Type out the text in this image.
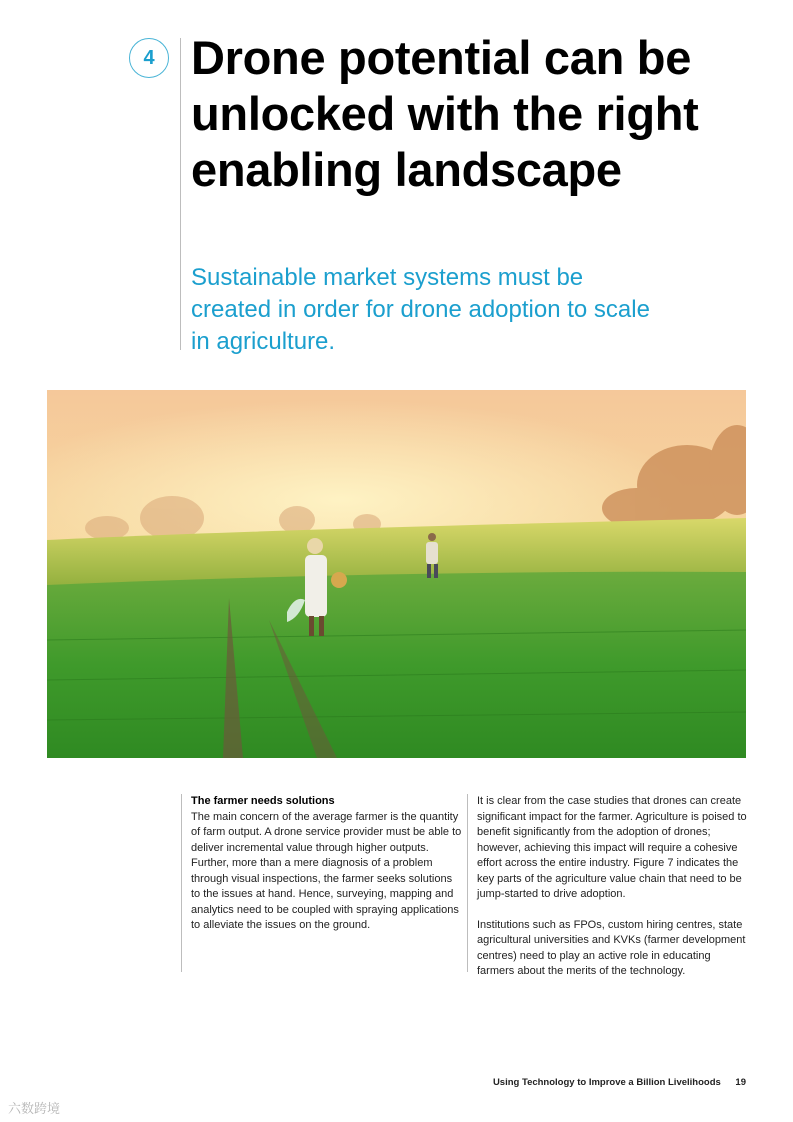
4 Drone potential can be unlocked with the right enabling landscape

Sustainable market systems must be created in order for drone adoption to scale in agriculture.

The farmer needs solutions

The main concern of the average farmer is the quantity of farm output. A drone service provider must be able to deliver incremental value through higher outputs. Further, more than a mere diagnosis of a problem through visual inspections, the farmer seeks solutions to the issues at hand. Hence, surveying, mapping and analytics need to be coupled with spraying applications to alleviate the issues on the ground.

It is clear from the case studies that drones can create significant impact for the farmer. Agriculture is poised to benefit significantly from the adoption of drones; however, achieving this impact will require a cohesive effort across the entire industry. Figure 7 indicates the key parts of the agriculture value chain that need to be jump-started to drive adoption.

Institutions such as FPOs, custom hiring centres, state agricultural universities and KVKs (farmer development centres) need to play an active role in educating farmers about the merits of the technology.

Using Technology to Improve a Billion Livelihoods 19
六数跨境
